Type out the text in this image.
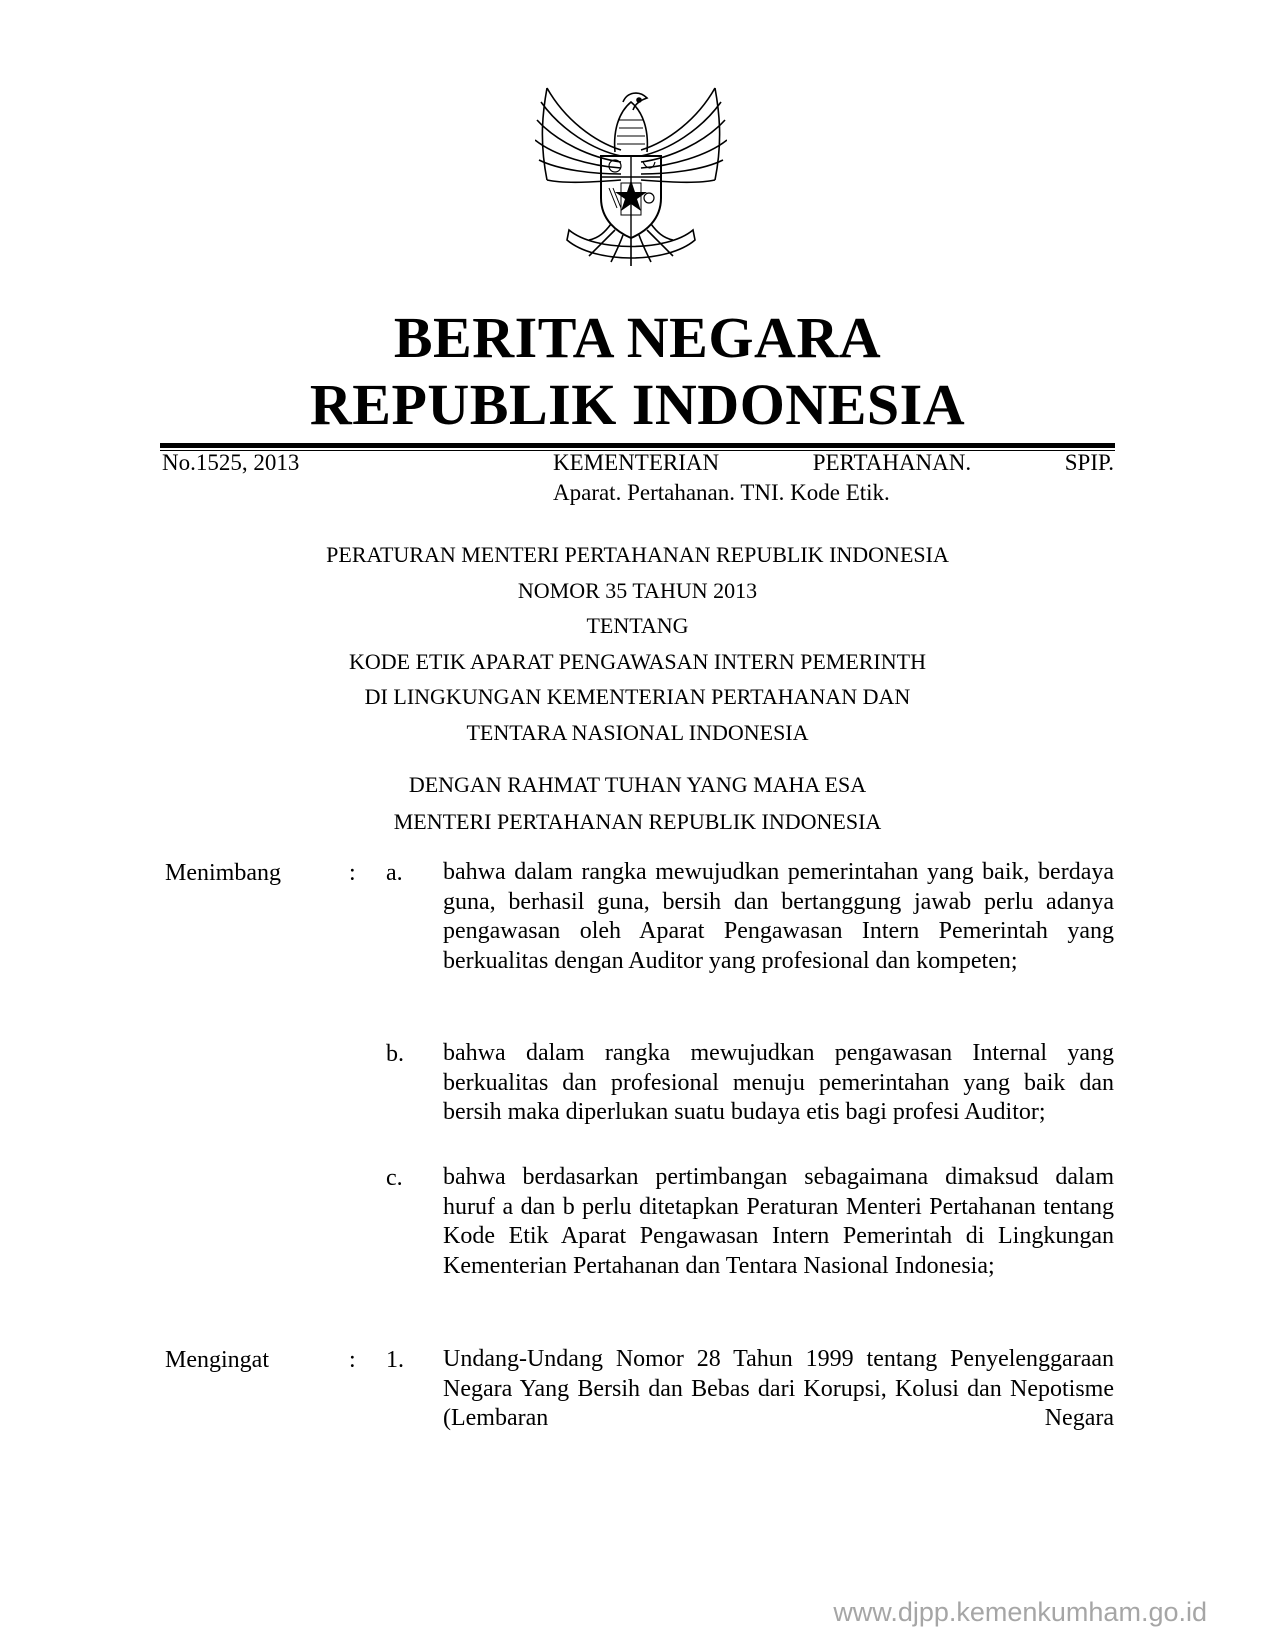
BERITA NEGARA
REPUBLIK INDONESIA
No.1525, 2013	KEMENTERIAN	PERTAHANAN.	SPIP.
Aparat. Pertahanan. TNI. Kode Etik.
PERATURAN MENTERI PERTAHANAN REPUBLIK INDONESIA
NOMOR 35 TAHUN 2013
TENTANG
KODE ETIK APARAT PENGAWASAN INTERN PEMERINTH
DI LINGKUNGAN KEMENTERIAN PERTAHANAN DAN
TENTARA NASIONAL INDONESIA
DENGAN RAHMAT TUHAN YANG MAHA ESA
MENTERI PERTAHANAN REPUBLIK INDONESIA
Menimbang	: a. bahwa dalam rangka mewujudkan pemerintahan yang baik, berdaya guna, berhasil guna, bersih dan bertanggung jawab perlu adanya pengawasan oleh Aparat Pengawasan Intern Pemerintah yang berkualitas dengan Auditor yang profesional dan kompeten;
b. bahwa dalam rangka mewujudkan pengawasan Internal yang berkualitas dan profesional menuju pemerintahan yang baik dan bersih maka diperlukan suatu budaya etis bagi profesi Auditor;
c. bahwa berdasarkan pertimbangan sebagaimana dimaksud dalam huruf a dan b perlu ditetapkan Peraturan Menteri Pertahanan tentang Kode Etik Aparat Pengawasan Intern Pemerintah di Lingkungan Kementerian Pertahanan dan Tentara Nasional Indonesia;
Mengingat	: 1. Undang-Undang Nomor 28 Tahun 1999 tentang Penyelenggaraan Negara Yang Bersih dan Bebas dari Korupsi, Kolusi dan Nepotisme (Lembaran Negara
www.djpp.kemenkumham.go.id
